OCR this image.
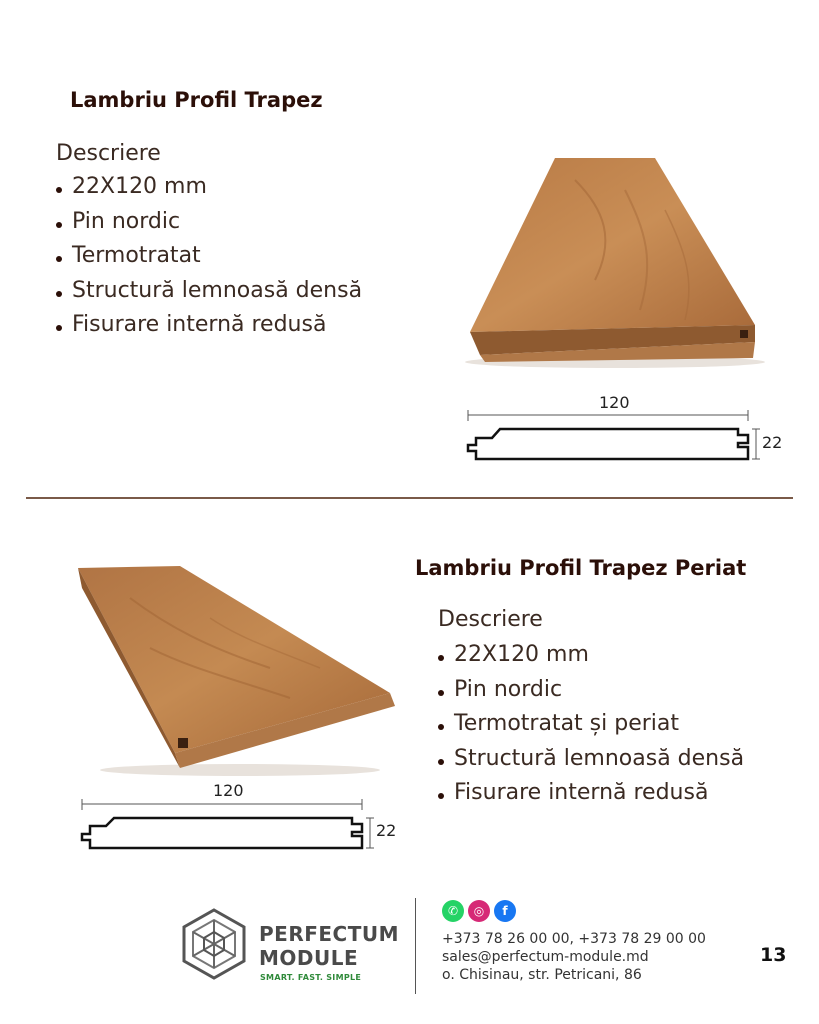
Lambriu Profil Trapez
Descriere
22X120 mm
Pin nordic
Termotratat
Structură lemnoasă densă
Fisurare internă redusă
120
22
Lambriu Profil Trapez Periat
Descriere
22X120 mm
Pin nordic
Termotratat și periat
Structură lemnoasă densă
Fisurare internă redusă
120
22
PERFECTUM
MODULE
SMART. FAST. SIMPLE
✆	◎	f
+373 78 26 00 00, +373 78 29 00 00
sales@perfectum-module.md
o. Chisinau, str. Petricani, 86
13
